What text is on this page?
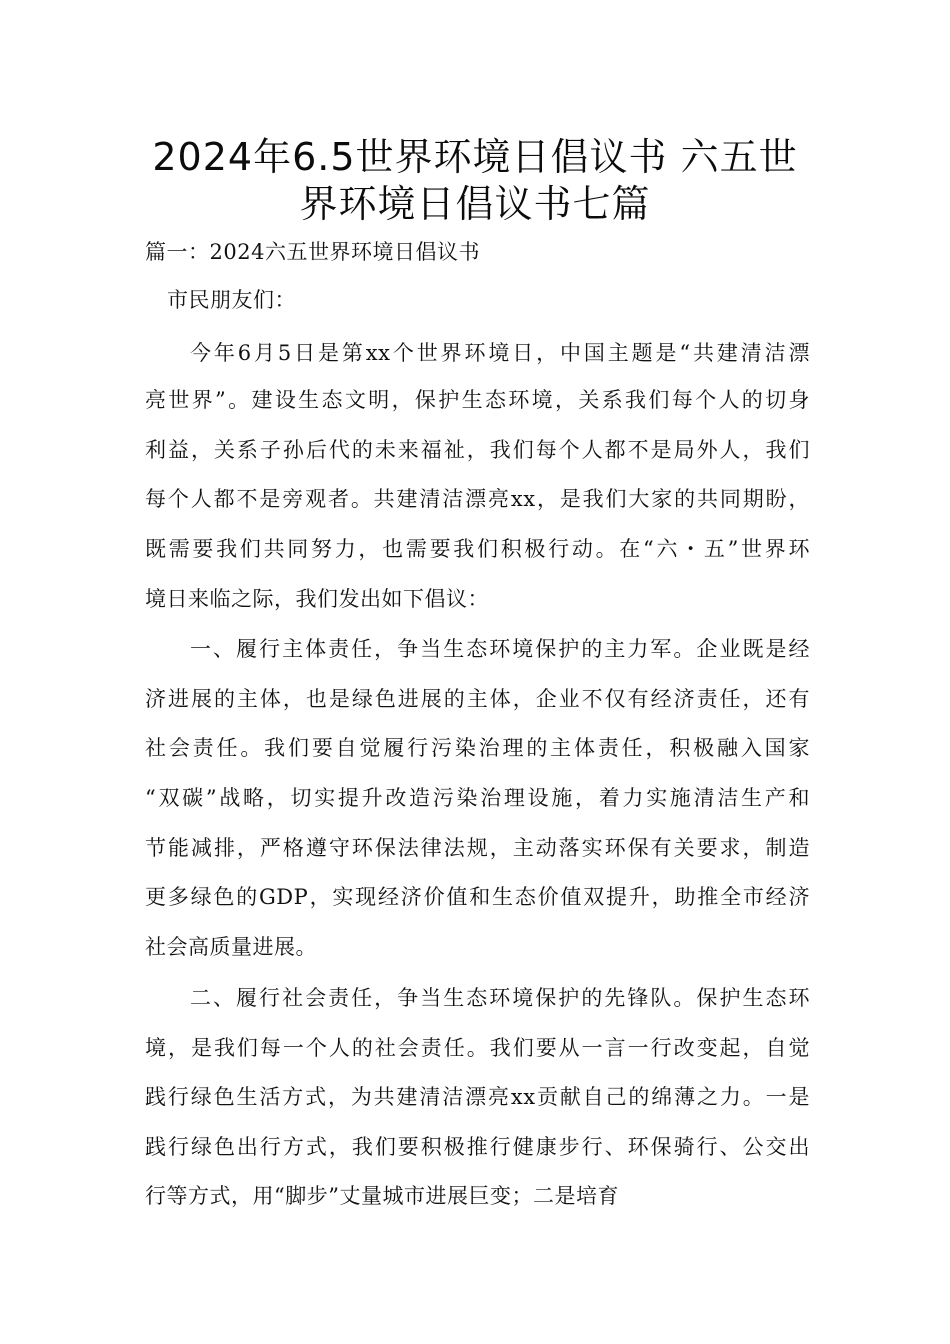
2024年6.5世界环境日倡议书 六五世
界环境日倡议书七篇
篇一：2024六五世界环境日倡议书
市民朋友们：
今年6月5日是第xx个世界环境日，中国主题是“共建清洁漂
亮世界”。建设生态文明，保护生态环境，关系我们每个人的切身
利益，关系子孙后代的未来福祉，我们每个人都不是局外人，我们
每个人都不是旁观者。共建清洁漂亮xx，是我们大家的共同期盼，
既需要我们共同努力，也需要我们积极行动。在“六・五”世界环
境日来临之际，我们发出如下倡议：
一、履行主体责任，争当生态环境保护的主力军。企业既是经
济进展的主体，也是绿色进展的主体，企业不仅有经济责任，还有
社会责任。我们要自觉履行污染治理的主体责任，积极融入国家
“双碳”战略，切实提升改造污染治理设施，着力实施清洁生产和
节能减排，严格遵守环保法律法规，主动落实环保有关要求，制造
更多绿色的GDP，实现经济价值和生态价值双提升，助推全市经济
社会高质量进展。
二、履行社会责任，争当生态环境保护的先锋队。保护生态环
境，是我们每一个人的社会责任。我们要从一言一行改变起，自觉
践行绿色生活方式，为共建清洁漂亮xx贡献自己的绵薄之力。一是
践行绿色出行方式，我们要积极推行健康步行、环保骑行、公交出
行等方式，用“脚步”丈量城市进展巨变；二是培育
